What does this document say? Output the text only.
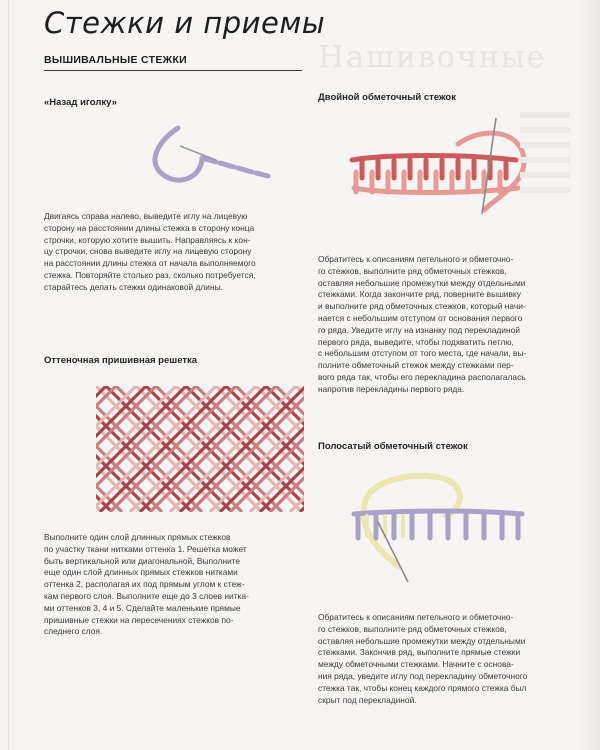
Нaшивочные
Стежки и приемы
ВЫШИВАЛЬНЫЕ СТЕЖКИ
«Назад иголку»
Двигаясь справа налево, выведите иглу на лицевую
сторону на расстоянии длины стежка в сторону конца
строчки, которую хотите вышить. Направляясь к кон-
цу строчки, снова выведите иглу на лицевую сторону
на расстоянии длины стежка от начала выполняемого
стежка. Повторяйте столько раз, сколько потребуется,
старайтесь делать стежки одинаковой длины.
Оттеночная пришивная решетка
Выполните один слой длинных прямых стежков
по участку ткани нитками оттенка 1. Решетка может
быть вертикальной или диагональной. Выполните
еще один слой длинных прямых стежков нитками
оттенка 2, располагая их под прямым углом к стеж-
кам первого слоя. Выполните еще до 3 слоев нитка-
ми оттенков 3, 4 и 5. Сделайте маленькие прямые
пришивные стежки на пересечениях стежков по-
следнего слоя.
Двойной обметочный стежок
Обратитесь к описаниям петельного и обметочно-
го стежков, выполните ряд обметочных стежков,
оставляя небольшие промежутки между отдельными
стежками. Когда закончите ряд, поверните вышивку
и выполните ряд обметочных стежков, который начи-
нается с небольшим отступом от основания первого
го ряда. Уведите иглу на изнанку под перекладиной
первого ряда, выведите, чтобы подхватить петлю,
с небольшим отступом от того места, где начали, вы-
полните обметочный стежок между стежками пер-
вого ряда так, чтобы его перекладина располагалась
напротив перекладины первого ряда.
Полосатый обметочный стежок
Обратитесь к описаниям петельного и обметочно-
го стежков, выполните ряд обметочных стежков,
оставляя небольшие промежутки между отдельными
стежками. Закончив ряд, выполните прямые стежки
между обметочными стежками. Начните с основа-
ния ряда, уведите иглу под перекладину обметочного
стежка так, чтобы конец каждого прямого стежка был
скрыт под перекладиной.
